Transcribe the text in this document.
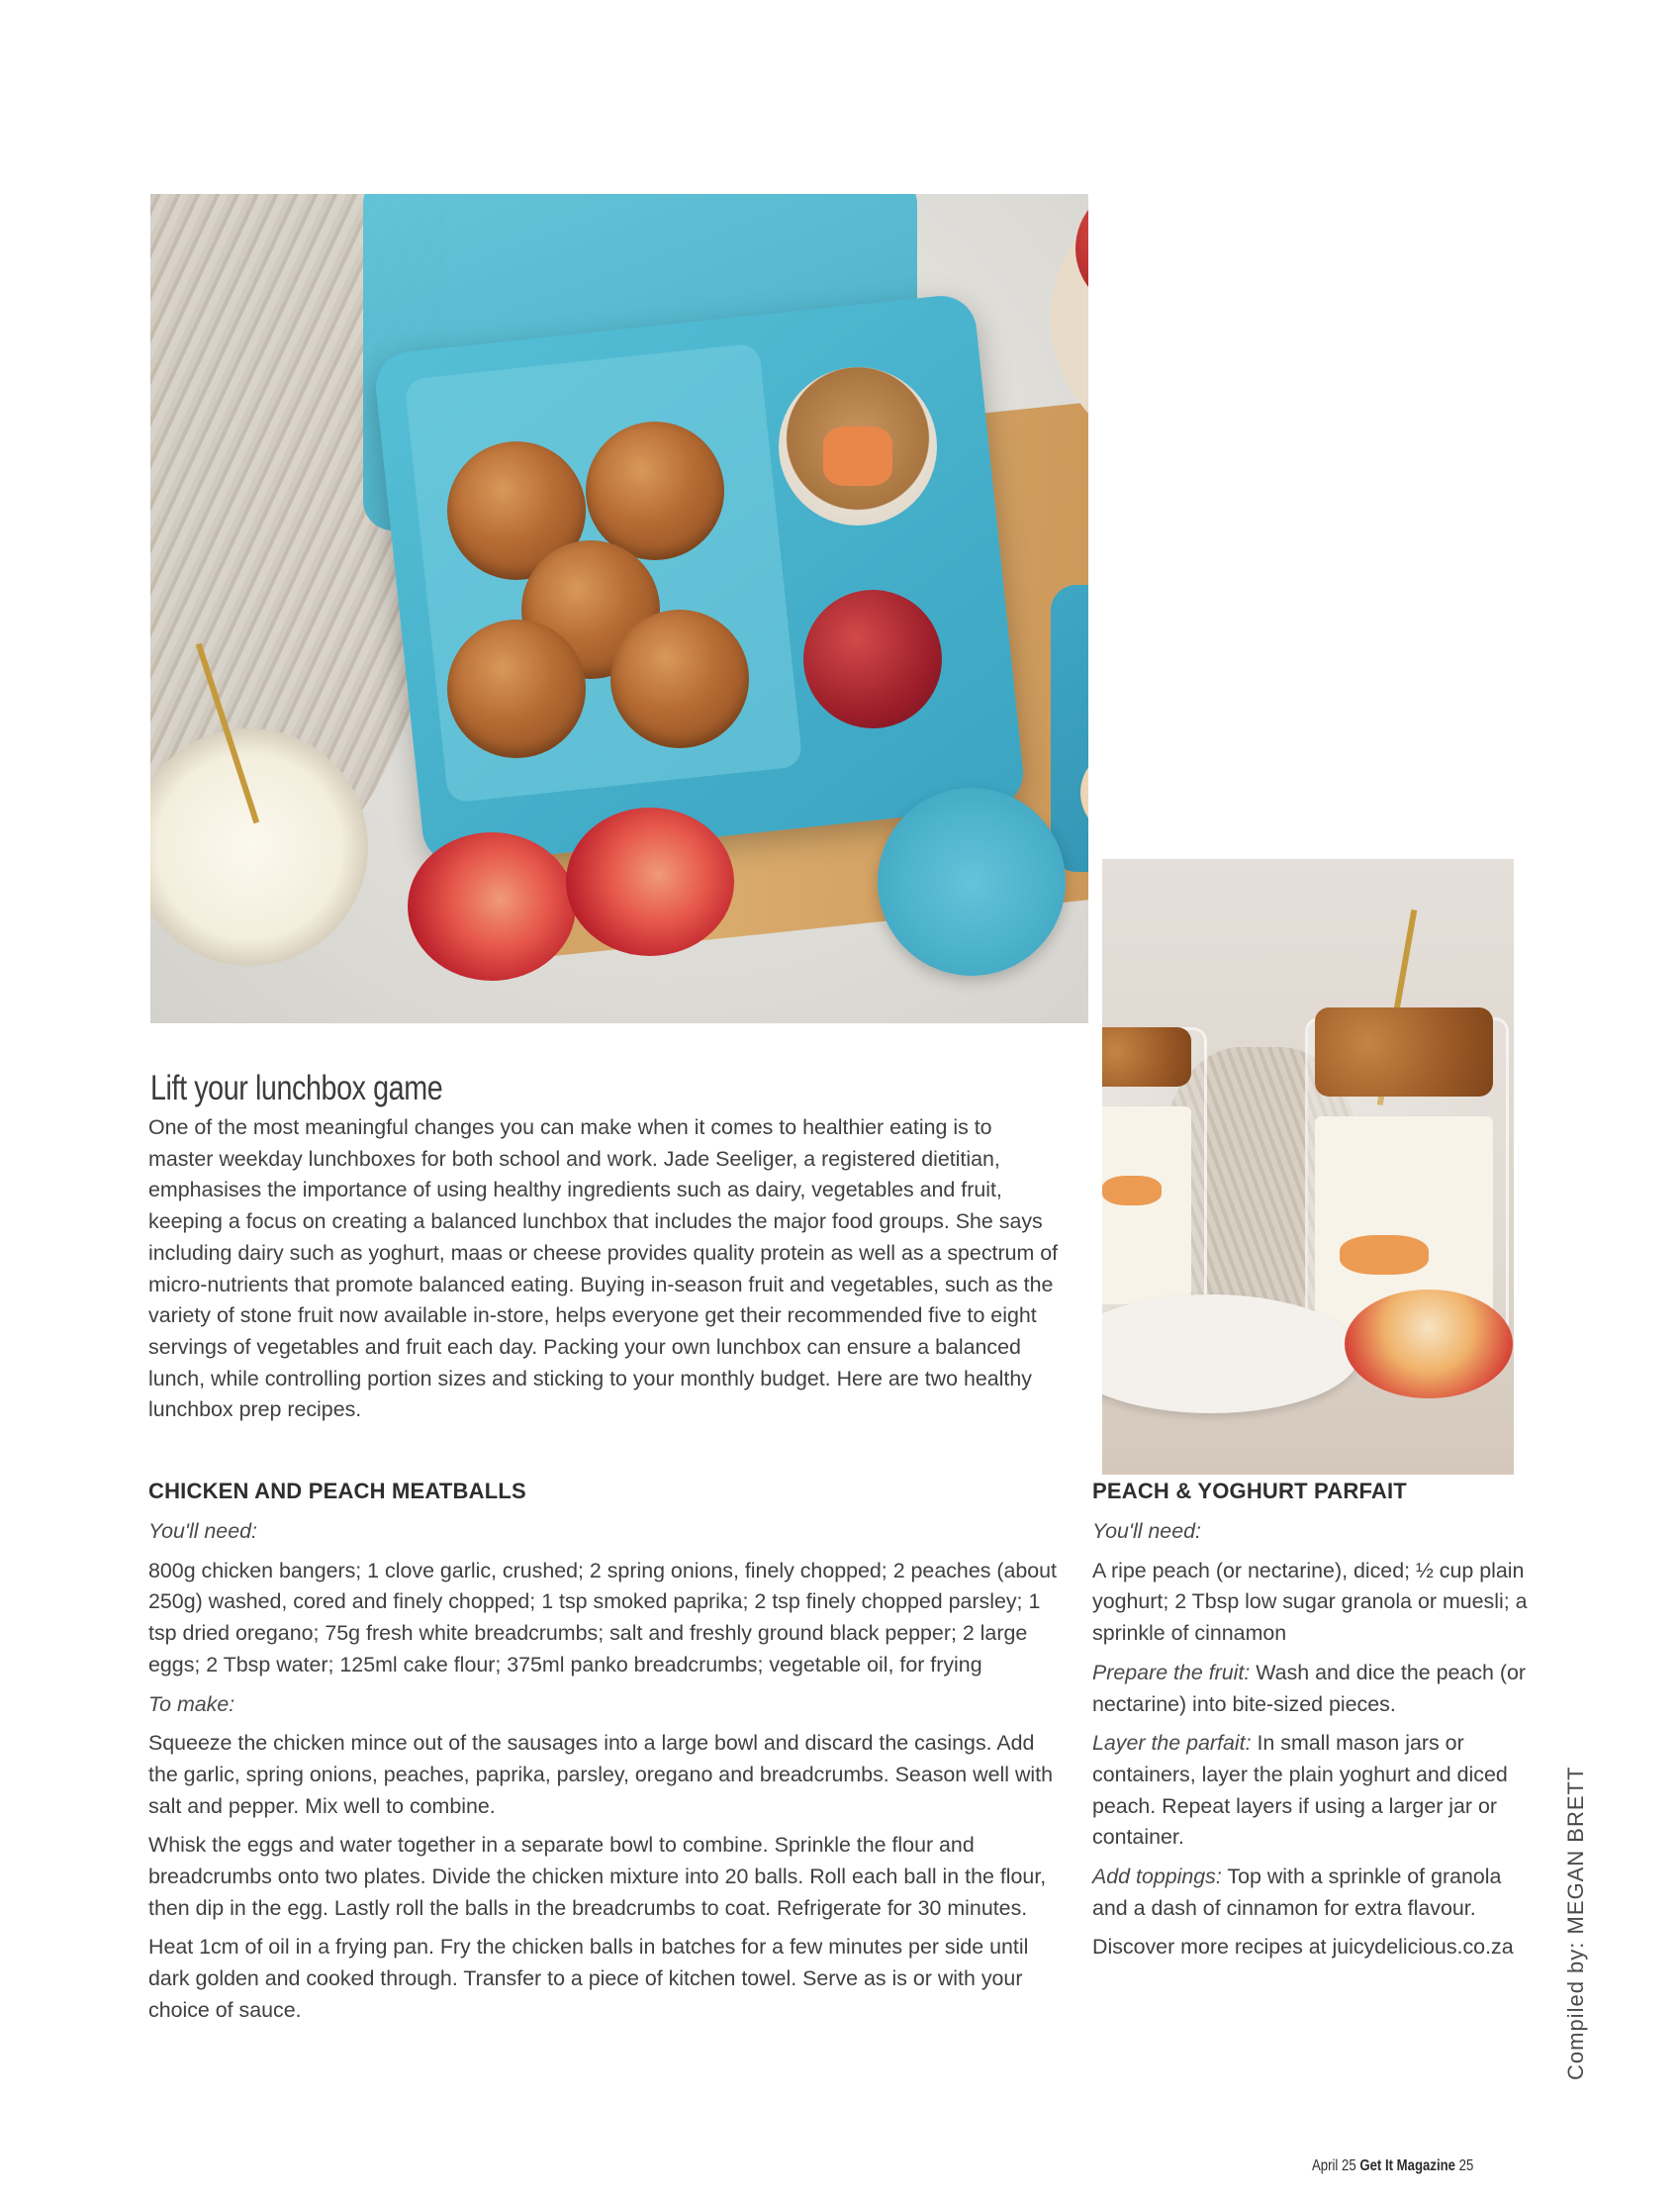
Lift your lunchbox game

One of the most meaningful changes you can make when it comes to healthier eating is to master weekday lunchboxes for both school and work. Jade Seeliger, a registered dietitian, emphasises the importance of using healthy ingredients such as dairy, vegetables and fruit, keeping a focus on creating a balanced lunchbox that includes the major food groups. She says including dairy such as yoghurt, maas or cheese provides quality protein as well as a spectrum of micro-nutrients that promote balanced eating. Buying in-season fruit and vegetables, such as the variety of stone fruit now available in-store, helps everyone get their recommended five to eight servings of vegetables and fruit each day. Packing your own lunchbox can ensure a balanced lunch, while controlling portion sizes and sticking to your monthly budget. Here are two healthy lunchbox prep recipes.

CHICKEN AND PEACH MEATBALLS

You'll need:

800g chicken bangers; 1 clove garlic, crushed; 2 spring onions, finely chopped; 2 peaches (about 250g) washed, cored and finely chopped; 1 tsp smoked paprika; 2 tsp finely chopped parsley; 1 tsp dried oregano; 75g fresh white breadcrumbs; salt and freshly ground black pepper; 2 large eggs; 2 Tbsp water; 125ml cake flour; 375ml panko breadcrumbs; vegetable oil, for frying

To make:

Squeeze the chicken mince out of the sausages into a large bowl and discard the casings. Add the garlic, spring onions, peaches, paprika, parsley, oregano and breadcrumbs. Season well with salt and pepper. Mix well to combine.

Whisk the eggs and water together in a separate bowl to combine. Sprinkle the flour and breadcrumbs onto two plates. Divide the chicken mixture into 20 balls. Roll each ball in the flour, then dip in the egg. Lastly roll the balls in the breadcrumbs to coat. Refrigerate for 30 minutes.

Heat 1cm of oil in a frying pan. Fry the chicken balls in batches for a few minutes per side until dark golden and cooked through. Transfer to a piece of kitchen towel. Serve as is or with your choice of sauce.

PEACH & YOGHURT PARFAIT

You'll need:

A ripe peach (or nectarine), diced; ½ cup plain yoghurt; 2 Tbsp low sugar granola or muesli; a sprinkle of cinnamon

Prepare the fruit: Wash and dice the peach (or nectarine) into bite-sized pieces.

Layer the parfait: In small mason jars or containers, layer the plain yoghurt and diced peach. Repeat layers if using a larger jar or container.

Add toppings: Top with a sprinkle of granola and a dash of cinnamon for extra flavour.

Discover more recipes at juicydelicious.co.za	Compiled by: MEGAN BRETT
April 25 Get It Magazine 25
